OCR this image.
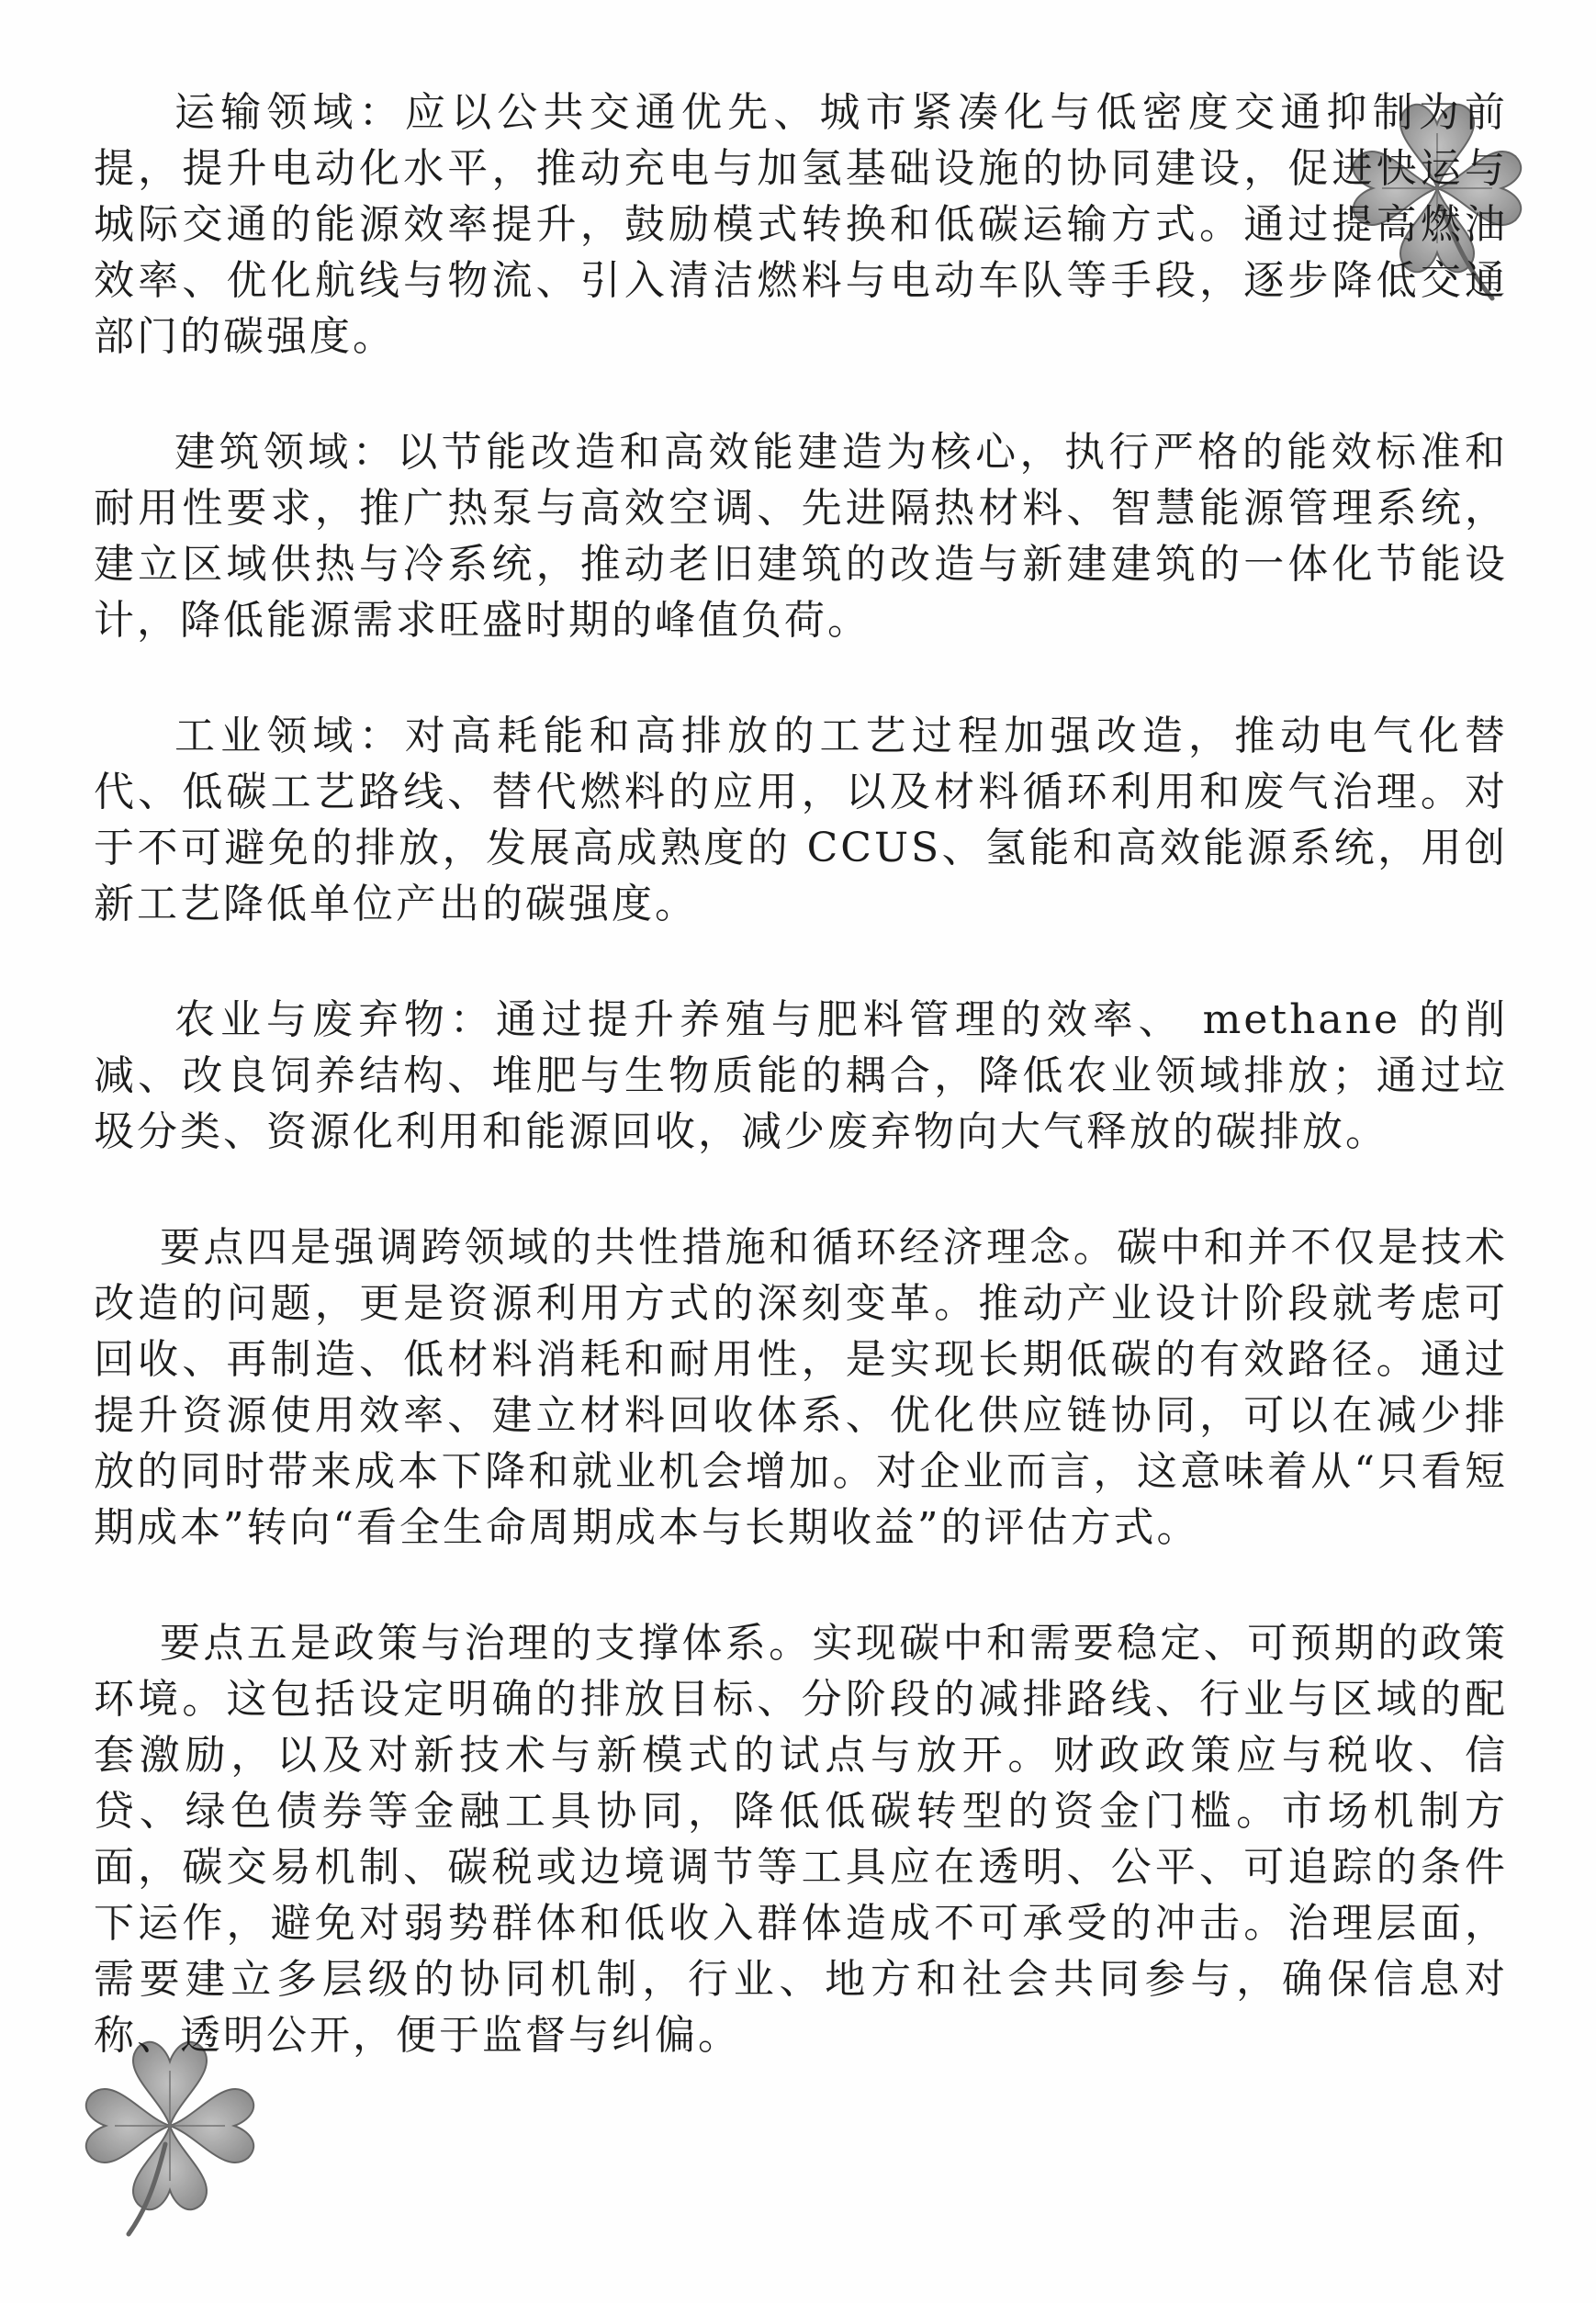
运输领域：应以公共交通优先、城市紧凑化与低密度交通抑制为前提，提升电动化水平，推动充电与加氢基础设施的协同建设，促进快运与城际交通的能源效率提升，鼓励模式转换和低碳运输方式。通过提高燃油效率、优化航线与物流、引入清洁燃料与电动车队等手段，逐步降低交通部门的碳强度。

建筑领域：以节能改造和高效能建造为核心，执行严格的能效标准和耐用性要求，推广热泵与高效空调、先进隔热材料、智慧能源管理系统，建立区域供热与冷系统，推动老旧建筑的改造与新建建筑的一体化节能设计，降低能源需求旺盛时期的峰值负荷。

工业领域：对高耗能和高排放的工艺过程加强改造，推动电气化替代、低碳工艺路线、替代燃料的应用，以及材料循环利用和废气治理。对于不可避免的排放，发展高成熟度的 CCUS、氢能和高效能源系统，用创新工艺降低单位产出的碳强度。

农业与废弃物：通过提升养殖与肥料管理的效率、 methane 的削减、改良饲养结构、堆肥与生物质能的耦合，降低农业领域排放；通过垃圾分类、资源化利用和能源回收，减少废弃物向大气释放的碳排放。

要点四是强调跨领域的共性措施和循环经济理念。碳中和并不仅是技术改造的问题，更是资源利用方式的深刻变革。推动产业设计阶段就考虑可回收、再制造、低材料消耗和耐用性，是实现长期低碳的有效路径。通过提升资源使用效率、建立材料回收体系、优化供应链协同，可以在减少排放的同时带来成本下降和就业机会增加。对企业而言，这意味着从“只看短期成本”转向“看全生命周期成本与长期收益”的评估方式。

要点五是政策与治理的支撑体系。实现碳中和需要稳定、可预期的政策环境。这包括设定明确的排放目标、分阶段的减排路线、行业与区域的配套激励，以及对新技术与新模式的试点与放开。财政政策应与税收、信贷、绿色债券等金融工具协同，降低低碳转型的资金门槛。市场机制方面，碳交易机制、碳税或边境调节等工具应在透明、公平、可追踪的条件下运作，避免对弱势群体和低收入群体造成不可承受的冲击。治理层面，需要建立多层级的协同机制，行业、地方和社会共同参与，确保信息对称、透明公开，便于监督与纠偏。
